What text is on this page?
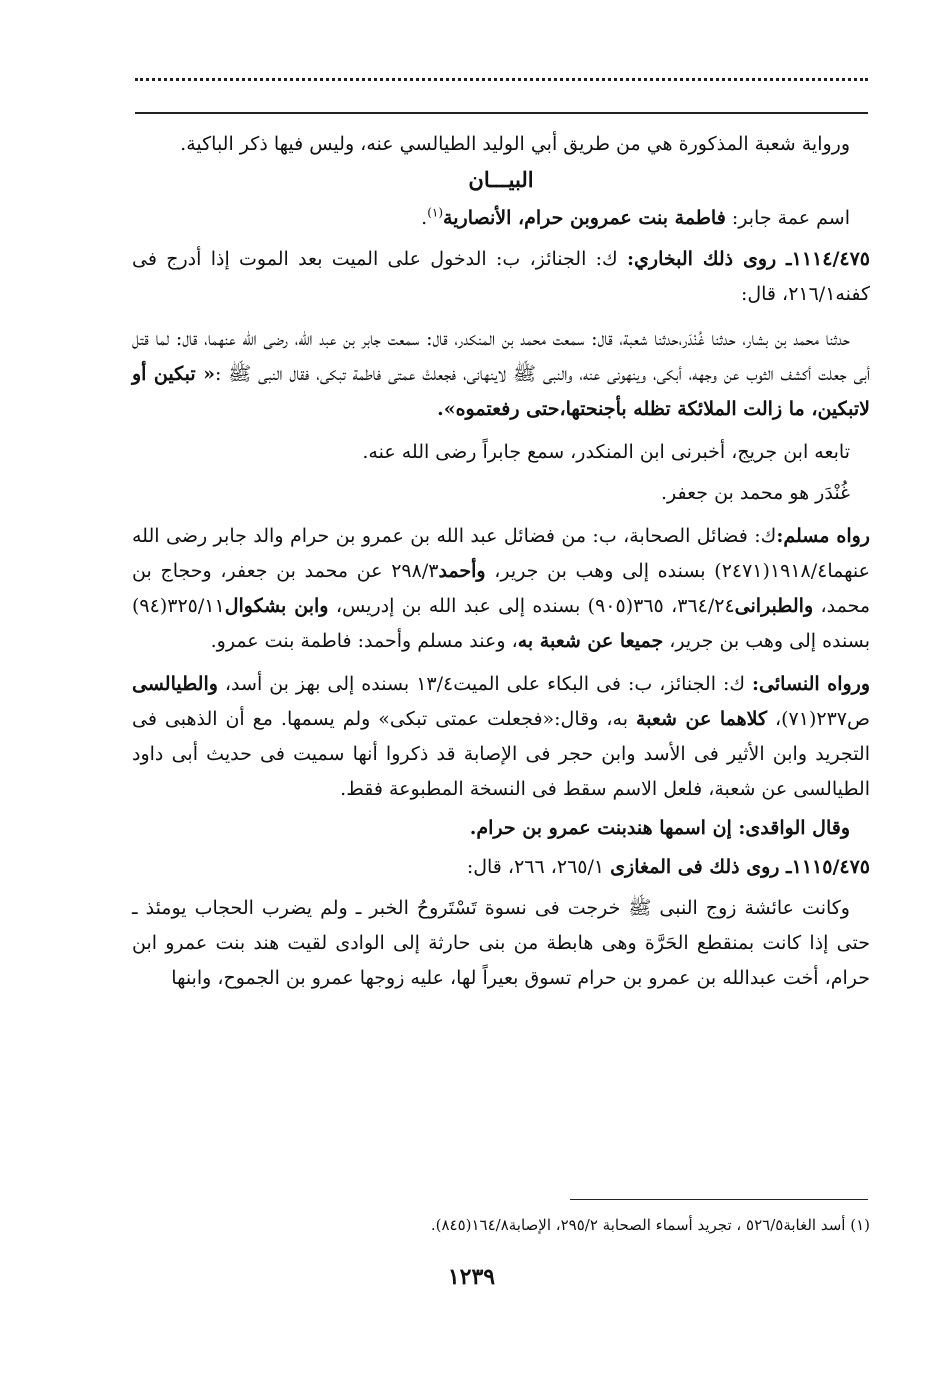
ورواية شعبة المذكورة هي من طريق أبي الوليد الطيالسي عنه، وليس فيها ذكر الباكية.

البيـــان

اسم عمة جابر: فاطمة بنت عمروبن حرام، الأنصارية$^{(١)}$.

١١١٤/٤٧٥ـ روى ذلك البخاري: ك: الجنائز، ب: الدخول على الميت بعد الموت إذا أدرج فى كفنه٢١٦/١، قال:

حدثنا محمد بن بشار، حدثنا غُنْدَر،حدثنا شعبة، قال: سمعت محمد بن المنكدر، قال: سمعت جابر بن عبد الله، رضى الله عنهما، قال: لما قتل أبى جعلت أكشف الثوب عن وجهه، أبكى، وينهونى عنه، والنبى ﷺ لاينهانى، فجعلتْ عمتى فاطمة تبكى، فقال النبى ﷺ :« تبكين أو لاتبكين، ما زالت الملائكة تظله بأجنحتها،حتى رفعتموه».

تابعه ابن جريج، أخبرنى ابن المنكدر، سمع جابراً رضى الله عنه.

غُنْدَر هو محمد بن جعفر.

رواه مسلم:ك: فضائل الصحابة، ب: من فضائل عبد الله بن عمرو بن حرام والد جابر رضى الله عنهما١٩١٨/٤(٢٤٧١) بسنده إلى وهب بن جرير، وأحمد٢٩٨/٣ عن محمد بن جعفر، وحجاج بن محمد، والطبرانى٣٦٤/٢٤، ٣٦٥(٩٠٥) بسنده إلى عبد الله بن إدريس، وابن بشكوال٣٢٥/١١(٩٤) بسنده إلى وهب بن جرير، جميعا عن شعبة به، وعند مسلم وأحمد: فاطمة بنت عمرو.

ورواه النسائى: ك: الجنائز، ب: فى البكاء على الميت١٣/٤ بسنده إلى بهز بن أسد، والطيالسى ص٢٣٧(٧١)، كلاهما عن شعبة به، وقال:«فجعلت عمتى تبكى» ولم يسمها. مع أن الذهبى فى التجريد وابن الأثير فى الأسد وابن حجر فى الإصابة قد ذكروا أنها سميت فى حديث أبى داود الطيالسى عن شعبة، فلعل الاسم سقط فى النسخة المطبوعة فقط.

وقال الواقدى: إن اسمها هندبنت عمرو بن حرام.

١١١٥/٤٧٥ـ روى ذلك فى المغازى ٢٦٥/١، ٢٦٦، قال:

وكانت عائشة زوج النبى ﷺ خرجت فى نسوة تَسْتَروحُ الخبر ـ ولم يضرب الحجاب يومئذ ـ حتى إذا كانت بمنقطع الحَرَّة وهى هابطة من بنى حارثة إلى الوادى لقيت هند بنت عمرو ابن حرام، أخت عبدالله بن عمرو بن حرام تسوق بعيراً لها، عليه زوجها عمرو بن الجموح، وابنها

(١) أسد الغابة٥٢٦/٥ ، تجريد أسماء الصحابة ٢٩٥/٢، الإصابة١٦٤/٨(٨٤٥).
١٢٣٩
